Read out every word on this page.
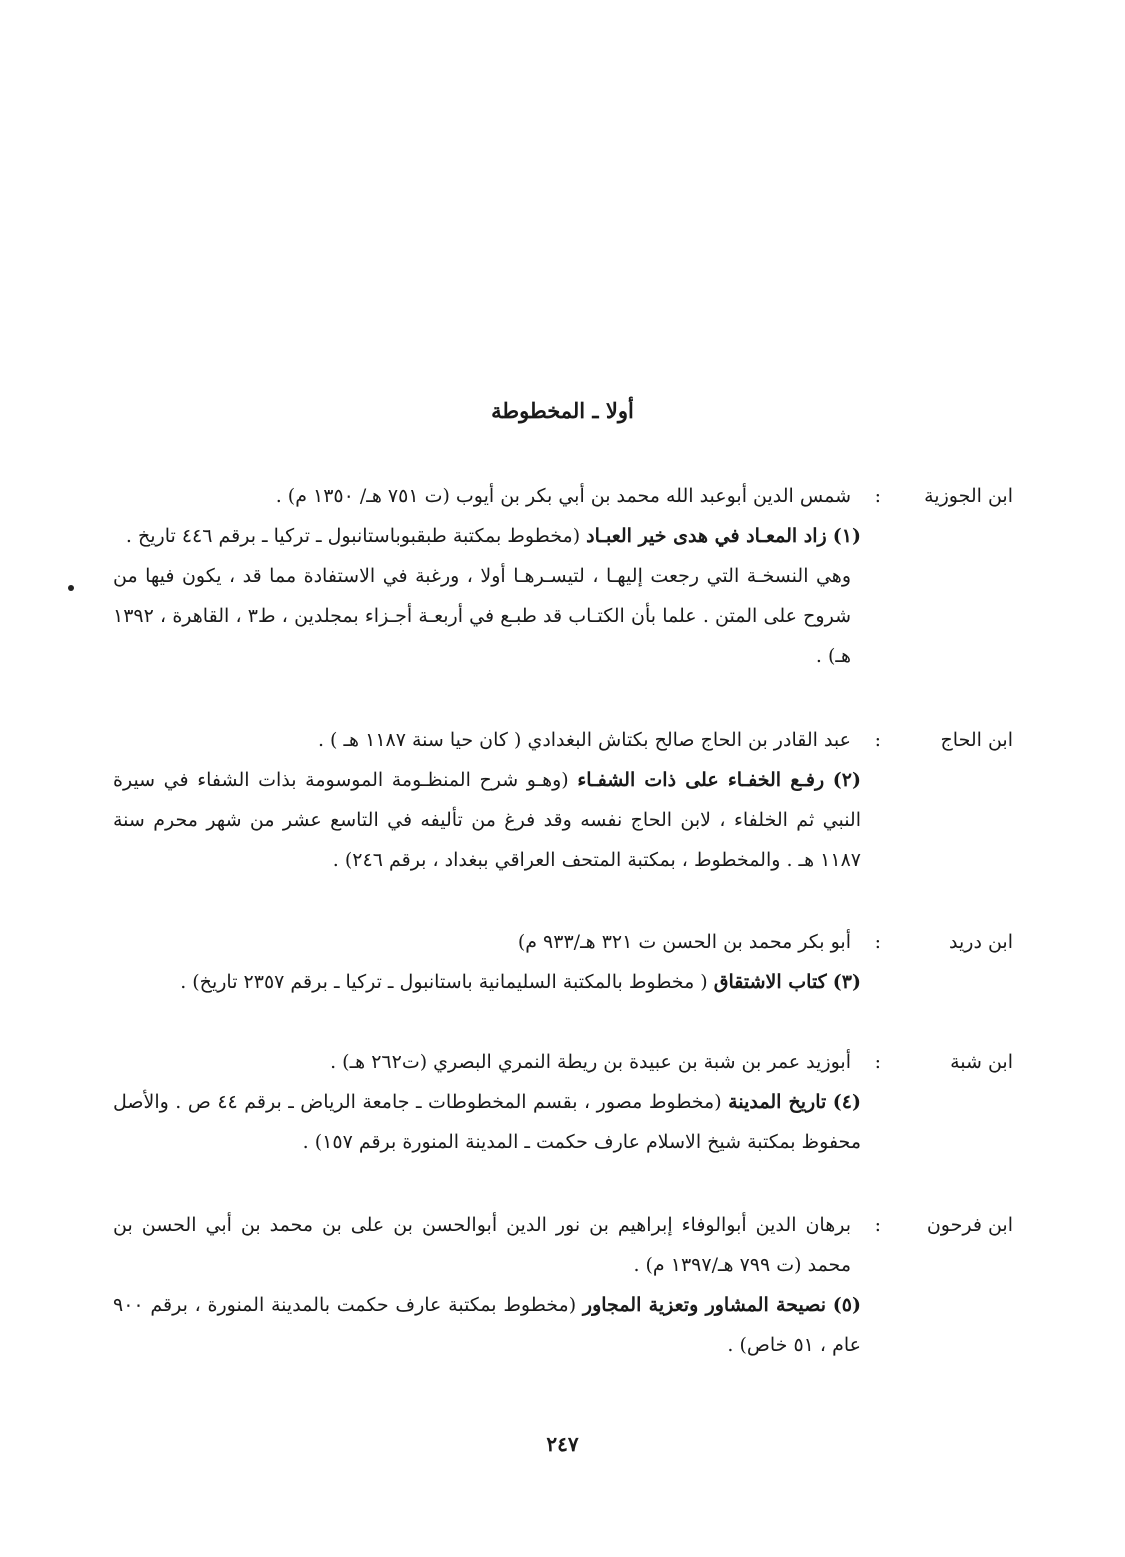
أولا ـ المخطوطة
ابن الجوزية
:
شمس الدين أبوعبد الله محمد بن أبي بكر بن أيوب (ت ٧٥١ هـ/ ١٣٥٠ م) .
(١) زاد المعـاد في هدى خير العبـاد (مخطوط بمكتبة طبقبوباستانبول ـ تركيا ـ برقم ٤٤٦ تاريخ .
وهي النسخـة التي رجعت إليهـا ، لتيسـرهـا أولا ، ورغبة في الاستفادة مما قد ، يكون فيها من شروح على المتن . علما بأن الكتـاب قد طبـع في أربعـة أجـزاء بمجلدين ، ط٣ ، القاهرة ، ١٣٩٢ هـ) .
ابن الحاج
:
عبد القادر بن الحاج صالح بكتاش البغدادي ( كان حيا سنة ١١٨٧ هـ ) .
(٢) رفـع الخفـاء على ذات الشفـاء (وهـو شرح المنظـومة الموسومة بذات الشفاء في سيرة النبي ثم الخلفاء ، لابن الحاج نفسه وقد فرغ من تأليفه في التاسع عشر من شهر محرم سنة ١١٨٧ هـ . والمخطوط ، بمكتبة المتحف العراقي ببغداد ، برقم ٢٤٦) .
ابن دريد
:
أبو بكر محمد بن الحسن ت ٣٢١ هـ/٩٣٣ م)
(٣) كتاب الاشتقاق ( مخطوط بالمكتبة السليمانية باستانبول ـ تركيا ـ برقم ٢٣٥٧ تاريخ) .
ابن شبة
:
أبوزيد عمر بن شبة بن عبيدة بن ريطة النمري البصري (ت٢٦٢ هـ) .
(٤) تاريخ المدينة (مخطوط مصور ، بقسم المخطوطات ـ جامعة الرياض ـ برقم ٤٤ ص . والأصل محفوظ بمكتبة شيخ الاسلام عارف حكمت ـ المدينة المنورة برقم ١٥٧) .
ابن فرحون
:
برهان الدين أبوالوفاء إبراهيم بن نور الدين أبوالحسن بن على بن محمد بن أبي الحسن بن محمد (ت ٧٩٩ هـ/١٣٩٧ م) .
(٥) نصيحة المشاور وتعزية المجاور (مخطوط بمكتبة عارف حكمت بالمدينة المنورة ، برقم ٩٠٠ عام ، ٥١ خاص) .
٢٤٧
